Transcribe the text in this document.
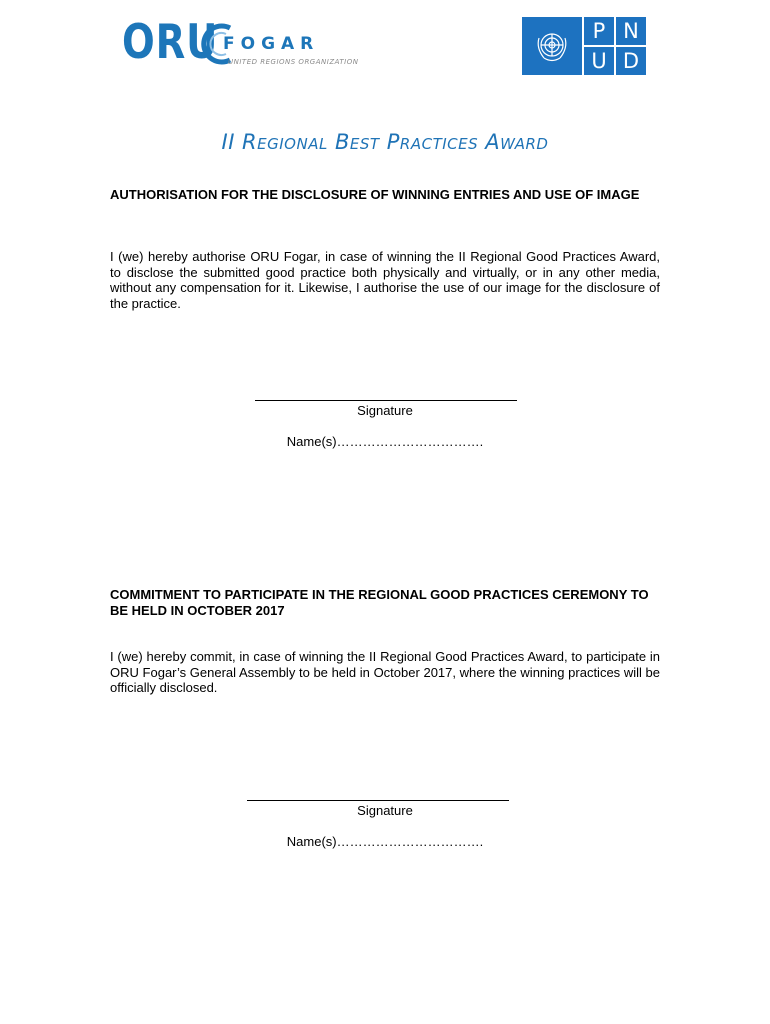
ORU FOGAR
UNITED REGIONS ORGANIZATION
P N
U D
II Regional Best Practices Award
AUTHORISATION FOR THE DISCLOSURE OF WINNING ENTRIES AND USE OF IMAGE
I (we) hereby authorise ORU Fogar, in case of winning the II Regional Good Practices Award, to disclose the submitted good practice both physically and virtually, or in any other media, without any compensation for it. Likewise, I authorise the use of our image for the disclosure of the practice.
Signature
Name(s)…………………………….
COMMITMENT TO PARTICIPATE IN THE REGIONAL GOOD PRACTICES CEREMONY TO BE HELD IN OCTOBER 2017
I (we) hereby commit, in case of winning the II Regional Good Practices Award, to participate in ORU Fogar’s General Assembly to be held in October 2017, where the winning practices will be officially disclosed.
Signature
Name(s)…………………………….
